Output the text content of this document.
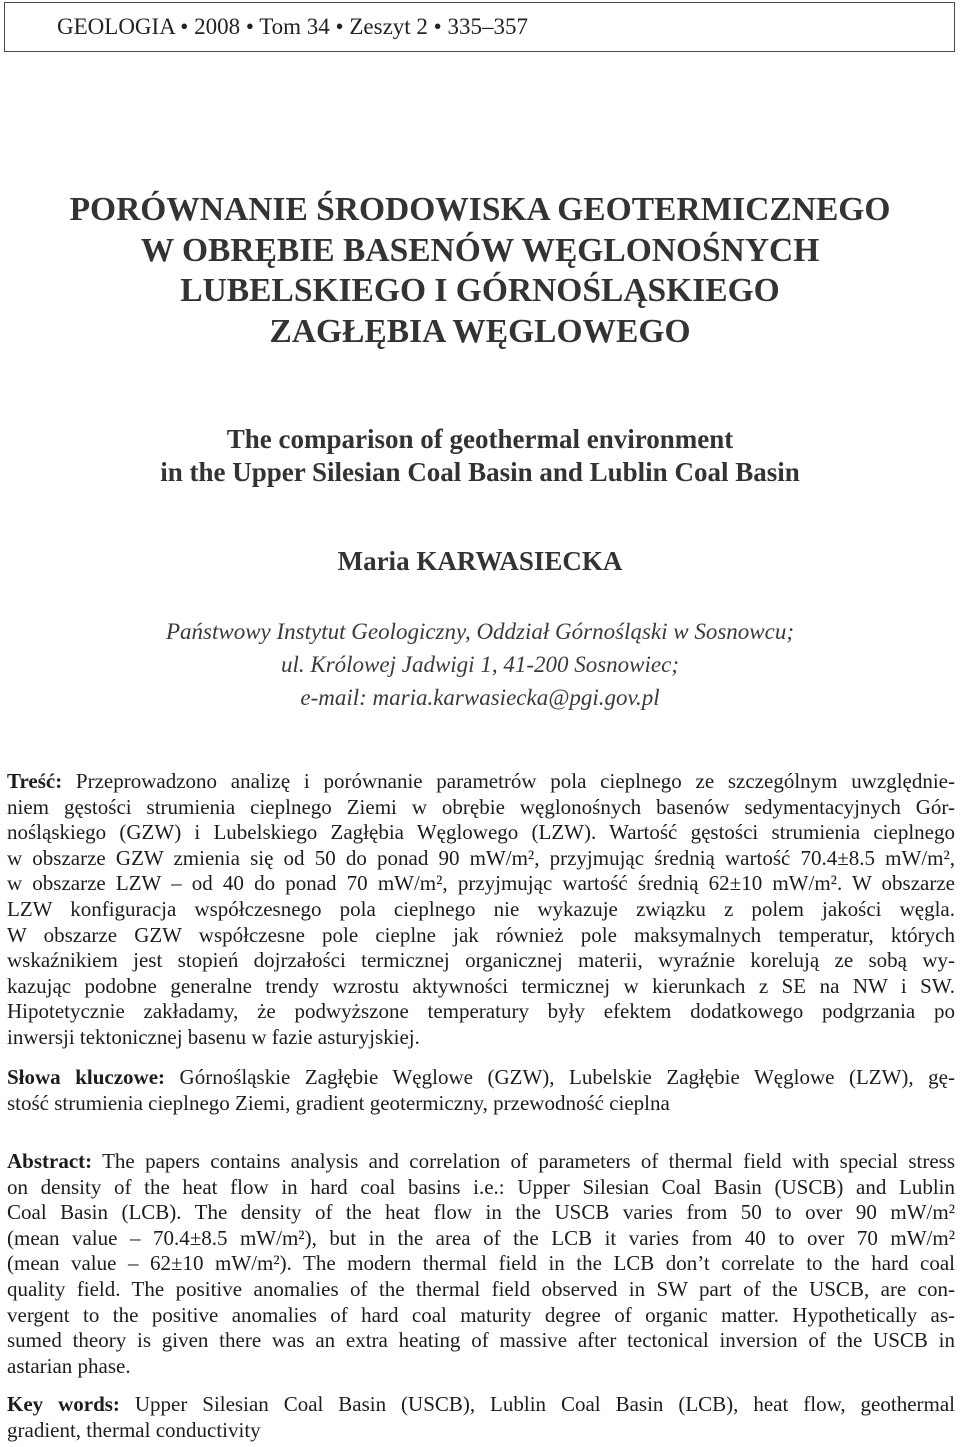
GEOLOGIA • 2008 • Tom 34 • Zeszyt 2 • 335–357
PORÓWNANIE ŚRODOWISKA GEOTERMICZNEGO
W OBRĘBIE BASENÓW WĘGLONOŚNYCH
LUBELSKIEGO I GÓRNOŚLĄSKIEGO
ZAGŁĘBIA WĘGLOWEGO
The comparison of geothermal environment
in the Upper Silesian Coal Basin and Lublin Coal Basin
Maria KARWASIECKA
Państwowy Instytut Geologiczny, Oddział Górnośląski w Sosnowcu;
ul. Królowej Jadwigi 1, 41-200 Sosnowiec;
e-mail: maria.karwasiecka@pgi.gov.pl
Treść: Przeprowadzono analizę i porównanie parametrów pola cieplnego ze szczególnym uwzględnie-
niem gęstości strumienia cieplnego Ziemi w obrębie węglonośnych basenów sedymentacyjnych Gór-
nośląskiego (GZW) i Lubelskiego Zagłębia Węglowego (LZW). Wartość gęstości strumienia cieplnego
w obszarze GZW zmienia się od 50 do ponad 90 mW/m², przyjmując średnią wartość 70.4±8.5 mW/m²,
w obszarze LZW – od 40 do ponad 70 mW/m², przyjmując wartość średnią 62±10 mW/m². W obszarze
LZW konfiguracja współczesnego pola cieplnego nie wykazuje związku z polem jakości węgla.
W obszarze GZW współczesne pole cieplne jak również pole maksymalnych temperatur, których
wskaźnikiem jest stopień dojrzałości termicznej organicznej materii, wyraźnie korelują ze sobą wy-
kazując podobne generalne trendy wzrostu aktywności termicznej w kierunkach z SE na NW i SW.
Hipotetycznie zakładamy, że podwyższone temperatury były efektem dodatkowego podgrzania po
inwersji tektonicznej basenu w fazie asturyjskiej.
Słowa kluczowe: Górnośląskie Zagłębie Węglowe (GZW), Lubelskie Zagłębie Węglowe (LZW), gę-
stość strumienia cieplnego Ziemi, gradient geotermiczny, przewodność cieplna
Abstract: The papers contains analysis and correlation of parameters of thermal field with special stress
on density of the heat flow in hard coal basins i.e.: Upper Silesian Coal Basin (USCB) and Lublin
Coal Basin (LCB). The density of the heat flow in the USCB varies from 50 to over 90 mW/m²
(mean value – 70.4±8.5 mW/m²), but in the area of the LCB it varies from 40 to over 70 mW/m²
(mean value – 62±10 mW/m²). The modern thermal field in the LCB don’t correlate to the hard coal
quality field. The positive anomalies of the thermal field observed in SW part of the USCB, are con-
vergent to the positive anomalies of hard coal maturity degree of organic matter. Hypothetically as-
sumed theory is given there was an extra heating of massive after tectonical inversion of the USCB in
astarian phase.
Key words: Upper Silesian Coal Basin (USCB), Lublin Coal Basin (LCB), heat flow, geothermal
gradient, thermal conductivity
